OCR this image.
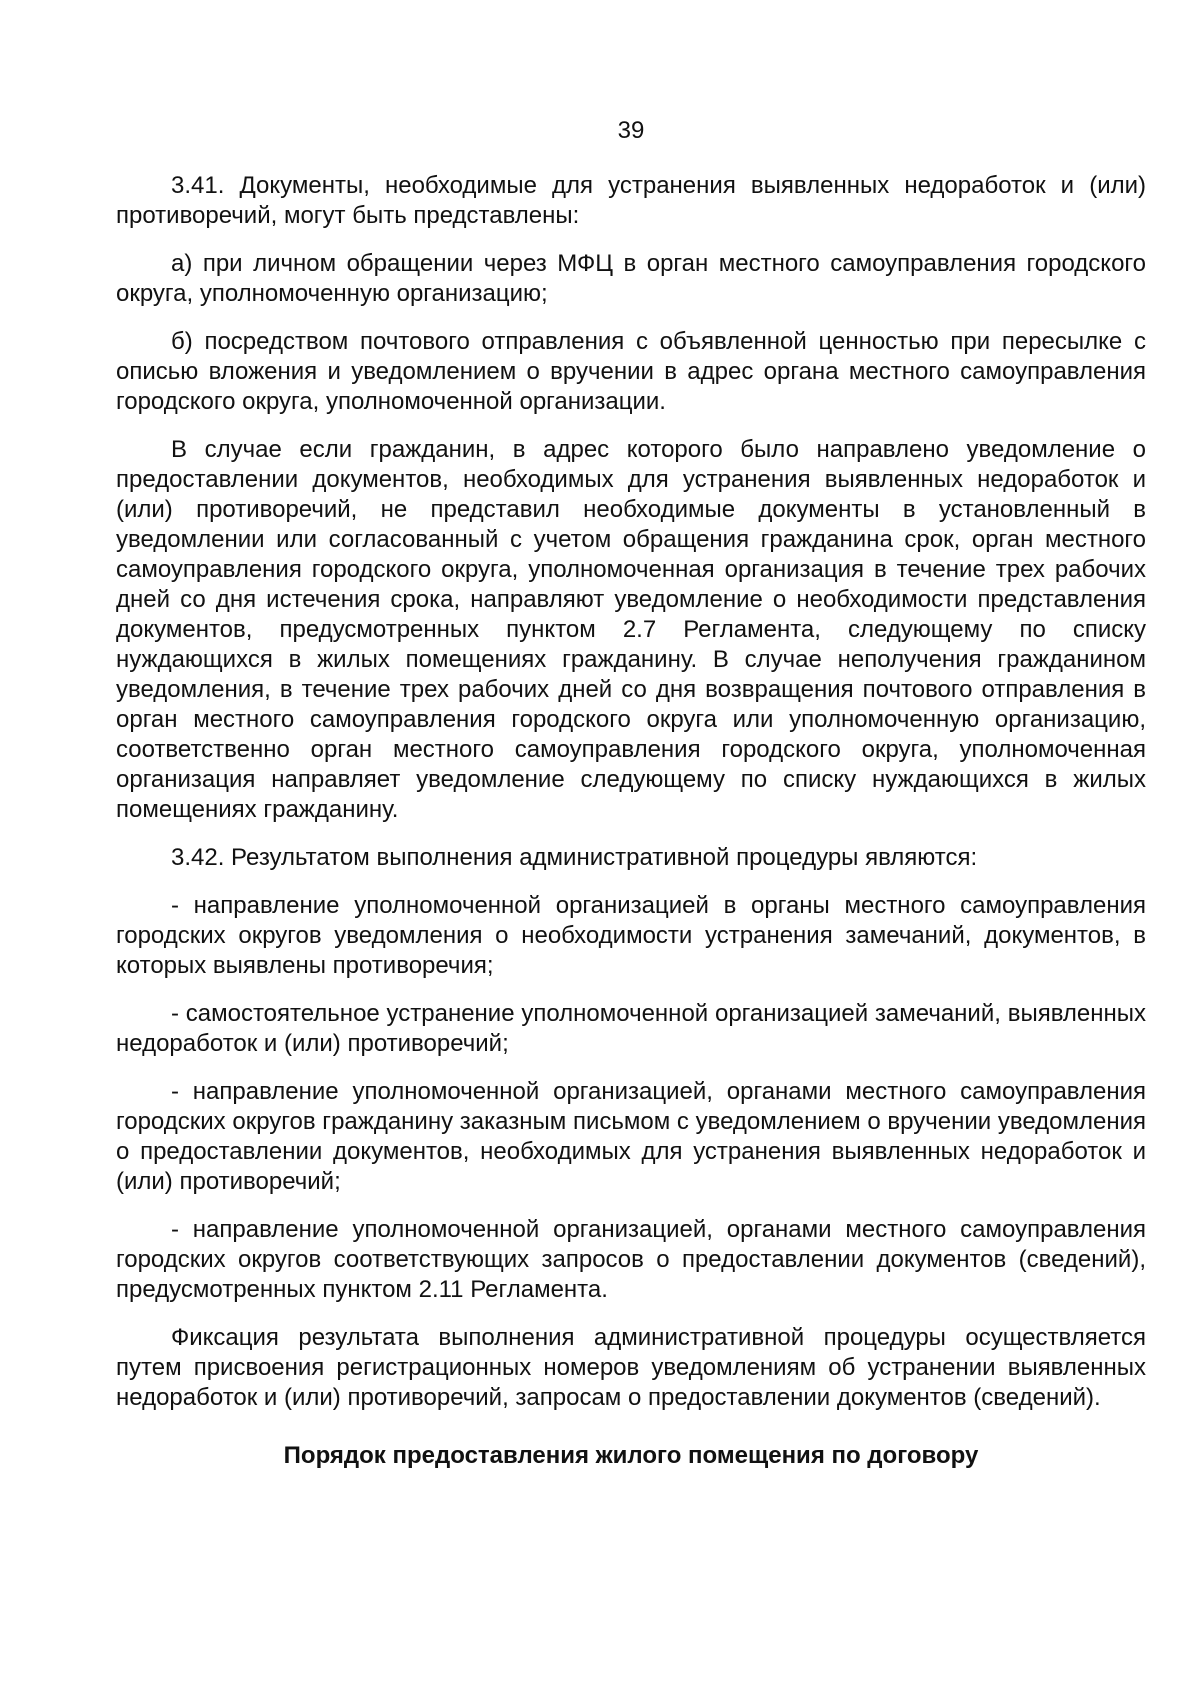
39

3.41. Документы, необходимые для устранения выявленных недоработок и (или) противоречий, могут быть представлены:

а) при личном обращении через МФЦ в орган местного самоуправления городского округа, уполномоченную организацию;

б) посредством почтового отправления с объявленной ценностью при пересылке с описью вложения и уведомлением о вручении в адрес органа местного самоуправления городского округа, уполномоченной организации.

В случае если гражданин, в адрес которого было направлено уведомление о предоставлении документов, необходимых для устранения выявленных недоработок и (или) противоречий, не представил необходимые документы в установленный в уведомлении или согласованный с учетом обращения гражданина срок, орган местного самоуправления городского округа, уполномоченная организация в течение трех рабочих дней со дня истечения срока, направляют уведомление о необходимости представления документов, предусмотренных пунктом 2.7 Регламента, следующему по списку нуждающихся в жилых помещениях гражданину. В случае неполучения гражданином уведомления, в течение трех рабочих дней со дня возвращения почтового отправления в орган местного самоуправления городского округа или уполномоченную организацию, соответственно орган местного самоуправления городского округа, уполномоченная организация направляет уведомление следующему по списку нуждающихся в жилых помещениях гражданину.

3.42. Результатом выполнения административной процедуры являются:

- направление уполномоченной организацией в органы местного самоуправления городских округов уведомления о необходимости устранения замечаний, документов, в которых выявлены противоречия;

- самостоятельное устранение уполномоченной организацией замечаний, выявленных недоработок и (или) противоречий;

- направление уполномоченной организацией, органами местного самоуправления городских округов гражданину заказным письмом с уведомлением о вручении уведомления о предоставлении документов, необходимых для устранения выявленных недоработок и (или) противоречий;

- направление уполномоченной организацией, органами местного самоуправления городских округов соответствующих запросов о предоставлении документов (сведений), предусмотренных пунктом 2.11 Регламента.

Фиксация результата выполнения административной процедуры осуществляется путем присвоения регистрационных номеров уведомлениям об устранении выявленных недоработок и (или) противоречий, запросам о предоставлении документов (сведений).

Порядок предоставления жилого помещения по договору
